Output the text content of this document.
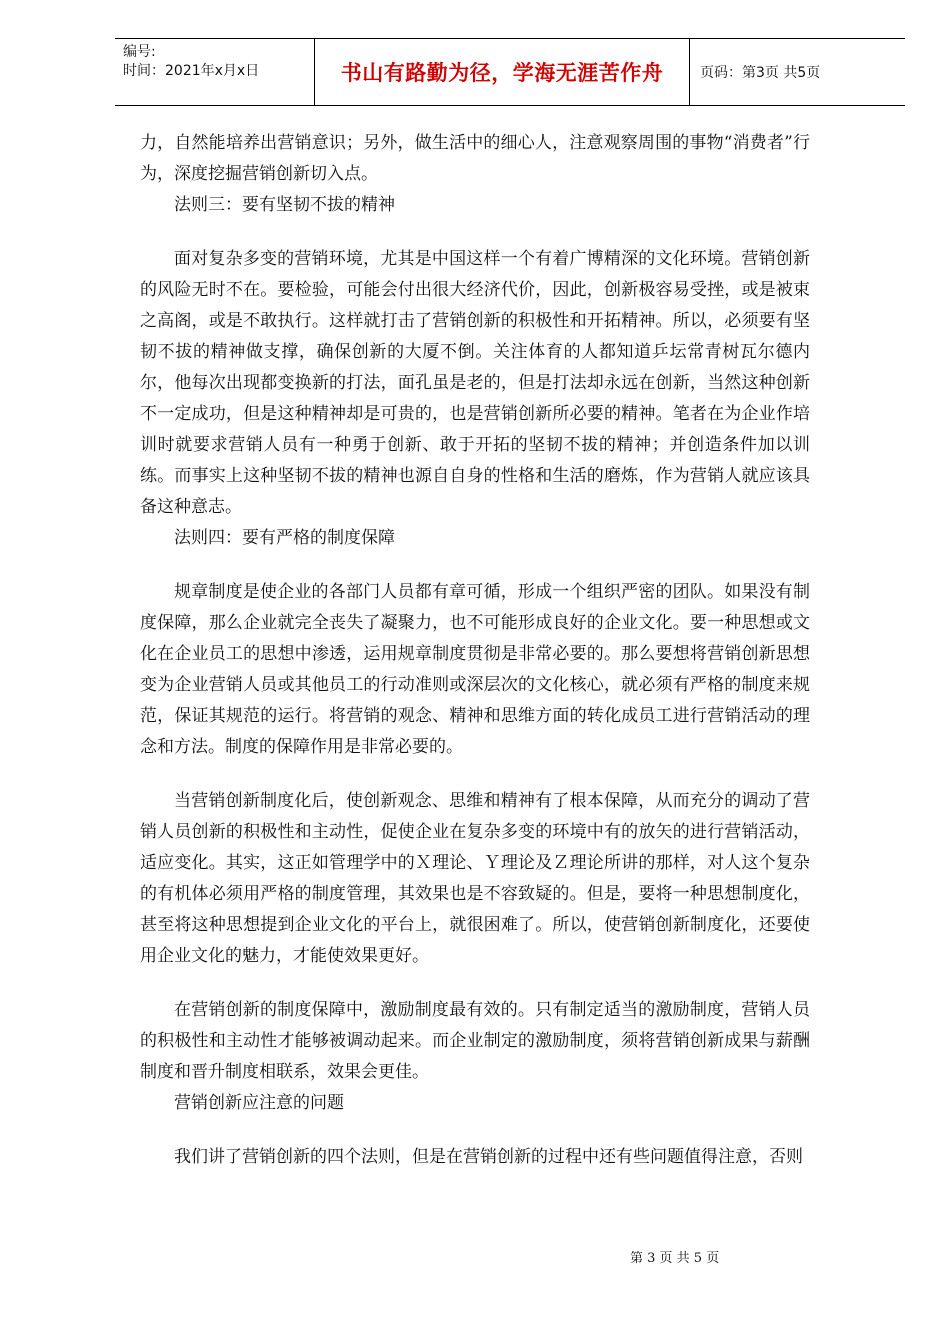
编号:
时间：2021年x月x日	书山有路勤为径，学海无涯苦作舟	页码：第3页 共5页

力，自然能培养出营销意识；另外，做生活中的细心人，注意观察周围的事物“消费者”行为，深度挖掘营销创新切入点。

法则三：要有坚韧不拔的精神

面对复杂多变的营销环境，尤其是中国这样一个有着广博精深的文化环境。营销创新的风险无时不在。要检验，可能会付出很大经济代价，因此，创新极容易受挫，或是被束之高阁，或是不敢执行。这样就打击了营销创新的积极性和开拓精神。所以，必须要有坚韧不拔的精神做支撑，确保创新的大厦不倒。关注体育的人都知道乒坛常青树瓦尔德内尔，他每次出现都变换新的打法，面孔虽是老的，但是打法却永远在创新，当然这种创新不一定成功，但是这种精神却是可贵的，也是营销创新所必要的精神。笔者在为企业作培训时就要求营销人员有一种勇于创新、敢于开拓的坚韧不拔的精神；并创造条件加以训练。而事实上这种坚韧不拔的精神也源自自身的性格和生活的磨炼，作为营销人就应该具备这种意志。

法则四：要有严格的制度保障

规章制度是使企业的各部门人员都有章可循，形成一个组织严密的团队。如果没有制度保障，那么企业就完全丧失了凝聚力，也不可能形成良好的企业文化。要一种思想或文化在企业员工的思想中渗透，运用规章制度贯彻是非常必要的。那么要想将营销创新思想变为企业营销人员或其他员工的行动准则或深层次的文化核心，就必须有严格的制度来规范，保证其规范的运行。将营销的观念、精神和思维方面的转化成员工进行营销活动的理念和方法。制度的保障作用是非常必要的。

当营销创新制度化后，使创新观念、思维和精神有了根本保障，从而充分的调动了营销人员创新的积极性和主动性，促使企业在复杂多变的环境中有的放矢的进行营销活动，适应变化。其实，这正如管理学中的Ｘ理论、Ｙ理论及Ｚ理论所讲的那样，对人这个复杂的有机体必须用严格的制度管理，其效果也是不容致疑的。但是，要将一种思想制度化，甚至将这种思想提到企业文化的平台上，就很困难了。所以，使营销创新制度化，还要使用企业文化的魅力，才能使效果更好。

在营销创新的制度保障中，激励制度最有效的。只有制定适当的激励制度，营销人员的积极性和主动性才能够被调动起来。而企业制定的激励制度，须将营销创新成果与薪酬制度和晋升制度相联系，效果会更佳。

营销创新应注意的问题

我们讲了营销创新的四个法则，但是在营销创新的过程中还有些问题值得注意，否则

第 3 页 共 5 页
